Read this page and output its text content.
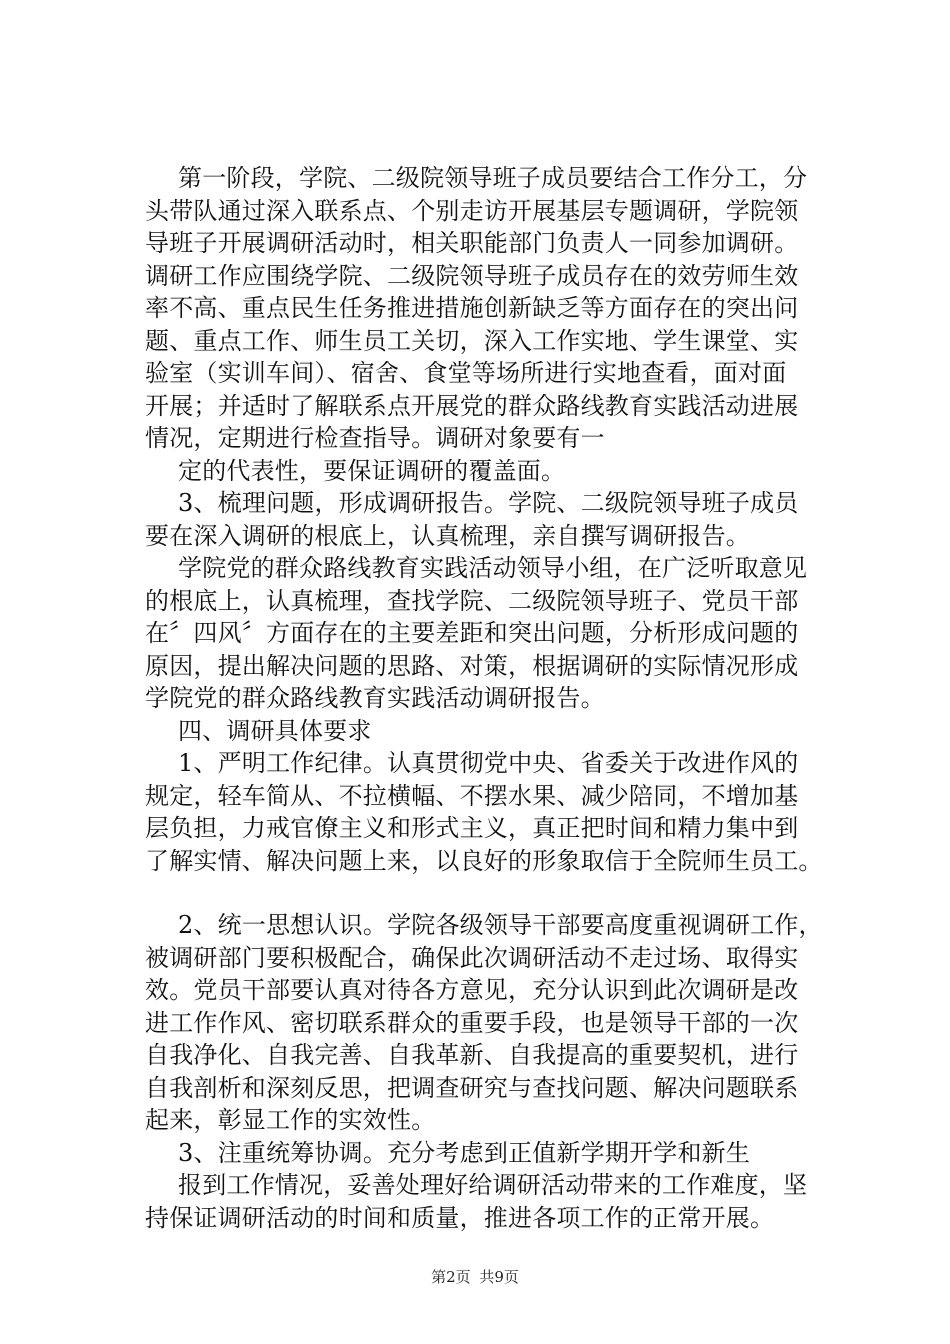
第一阶段，学院、二级院领导班子成员要结合工作分工，分
头带队通过深入联系点、个别走访开展基层专题调研，学院领
导班子开展调研活动时，相关职能部门负责人一同参加调研。
调研工作应围绕学院、二级院领导班子成员存在的效劳师生效
率不高、重点民生任务推进措施创新缺乏等方面存在的突出问
题、重点工作、师生员工关切，深入工作实地、学生课堂、实
验室（实训车间）、宿舍、食堂等场所进行实地查看，面对面
开展；并适时了解联系点开展党的群众路线教育实践活动进展
情况，定期进行检查指导。调研对象要有一
定的代表性，要保证调研的覆盖面。
3、梳理问题，形成调研报告。学院、二级院领导班子成员
要在深入调研的根底上，认真梳理，亲自撰写调研报告。
学院党的群众路线教育实践活动领导小组，在广泛听取意见
的根底上，认真梳理，查找学院、二级院领导班子、党员干部
在〞四风〞方面存在的主要差距和突出问题，分析形成问题的
原因，提出解决问题的思路、对策，根据调研的实际情况形成
学院党的群众路线教育实践活动调研报告。
四、调研具体要求
1、严明工作纪律。认真贯彻党中央、省委关于改进作风的
规定，轻车简从、不拉横幅、不摆水果、减少陪同，不增加基
层负担，力戒官僚主义和形式主义，真正把时间和精力集中到
了解实情、解决问题上来，以良好的形象取信于全院师生员工。
2、统一思想认识。学院各级领导干部要高度重视调研工作，
被调研部门要积极配合，确保此次调研活动不走过场、取得实
效。党员干部要认真对待各方意见，充分认识到此次调研是改
进工作作风、密切联系群众的重要手段，也是领导干部的一次
自我净化、自我完善、自我革新、自我提高的重要契机，进行
自我剖析和深刻反思，把调查研究与查找问题、解决问题联系
起来，彰显工作的实效性。
3、注重统筹协调。充分考虑到正值新学期开学和新生
报到工作情况，妥善处理好给调研活动带来的工作难度，坚
持保证调研活动的时间和质量，推进各项工作的正常开展。
第2页 共9页
